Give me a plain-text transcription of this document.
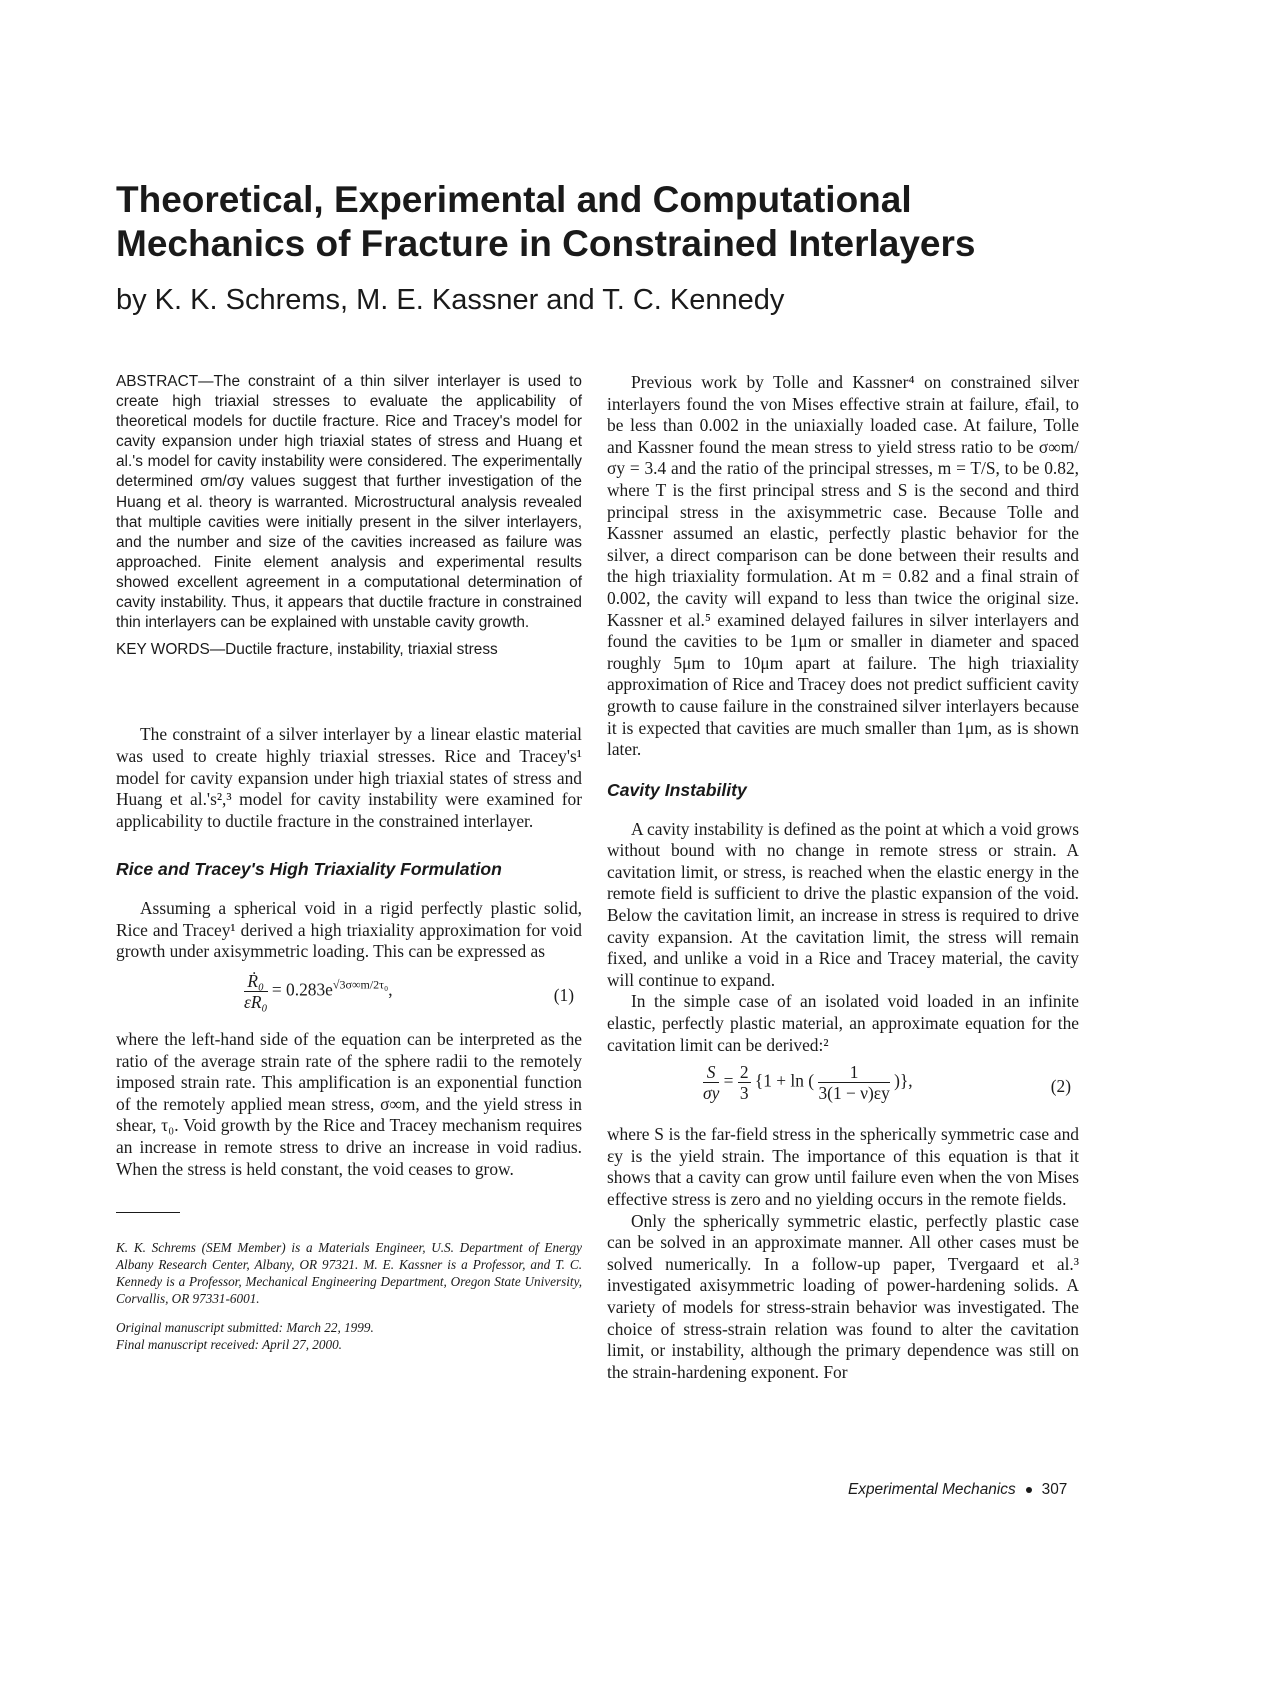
Theoretical, Experimental and Computational
Mechanics of Fracture in Constrained Interlayers

by K. K. Schrems, M. E. Kassner and T. C. Kennedy

ABSTRACT—The constraint of a thin silver interlayer is used to create high triaxial stresses to evaluate the applicability of theoretical models for ductile fracture. Rice and Tracey's model for cavity expansion under high triaxial states of stress and Huang et al.'s model for cavity instability were considered. The experimentally determined σm/σy values suggest that further investigation of the Huang et al. theory is warranted. Microstructural analysis revealed that multiple cavities were initially present in the silver interlayers, and the number and size of the cavities increased as failure was approached. Finite element analysis and experimental results showed excellent agreement in a computational determination of cavity instability. Thus, it appears that ductile fracture in constrained thin interlayers can be explained with unstable cavity growth.

KEY WORDS—Ductile fracture, instability, triaxial stress

The constraint of a silver interlayer by a linear elastic material was used to create highly triaxial stresses. Rice and Tracey's¹ model for cavity expansion under high triaxial states of stress and Huang et al.'s²,³ model for cavity instability were examined for applicability to ductile fracture in the constrained interlayer.

Rice and Tracey's High Triaxiality Formulation

Assuming a spherical void in a rigid perfectly plastic solid, Rice and Tracey¹ derived a high triaxiality approximation for void growth under axisymmetric loading. This can be expressed as

$\frac{\text{Ṙ₀}}{\text{ε̇R₀}} = 0.283e^{√3\sigma\infty m/2\tau_0}$,	(1)

where the left-hand side of the equation can be interpreted as the ratio of the average strain rate of the sphere radii to the remotely imposed strain rate. This amplification is an exponential function of the remotely applied mean stress, σ∞m, and the yield stress in shear, τ₀. Void growth by the Rice and Tracey mechanism requires an increase in remote stress to drive an increase in void radius. When the stress is held constant, the void ceases to grow.

K. K. Schrems (SEM Member) is a Materials Engineer, U.S. Department of Energy Albany Research Center, Albany, OR 97321. M. E. Kassner is a Professor, and T. C. Kennedy is a Professor, Mechanical Engineering Department, Oregon State University, Corvallis, OR 97331-6001.

Original manuscript submitted: March 22, 1999.

Final manuscript received: April 27, 2000.

Previous work by Tolle and Kassner⁴ on constrained silver interlayers found the von Mises effective strain at failure, ε̄fail, to be less than 0.002 in the uniaxially loaded case. At failure, Tolle and Kassner found the mean stress to yield stress ratio to be σ∞m/σy = 3.4 and the ratio of the principal stresses, m = T/S, to be 0.82, where T is the first principal stress and S is the second and third principal stress in the axisymmetric case. Because Tolle and Kassner assumed an elastic, perfectly plastic behavior for the silver, a direct comparison can be done between their results and the high triaxiality formulation. At m = 0.82 and a final strain of 0.002, the cavity will expand to less than twice the original size. Kassner et al.⁵ examined delayed failures in silver interlayers and found the cavities to be 1μm or smaller in diameter and spaced roughly 5μm to 10μm apart at failure. The high triaxiality approximation of Rice and Tracey does not predict sufficient cavity growth to cause failure in the constrained silver interlayers because it is expected that cavities are much smaller than 1μm, as is shown later.

Cavity Instability

A cavity instability is defined as the point at which a void grows without bound with no change in remote stress or strain. A cavitation limit, or stress, is reached when the elastic energy in the remote field is sufficient to drive the plastic expansion of the void. Below the cavitation limit, an increase in stress is required to drive cavity expansion. At the cavitation limit, the stress will remain fixed, and unlike a void in a Rice and Tracey material, the cavity will continue to expand.

In the simple case of an isolated void loaded in an infinite elastic, perfectly plastic material, an approximate equation for the cavitation limit can be derived:²

$\frac{S}{\sigma y} = \frac{2}{3} \{1 + \ln$ ( $\frac{1}{3(1 - \nu)\varepsilon y}$ )},	(2)

where S is the far-field stress in the spherically symmetric case and εy is the yield strain. The importance of this equation is that it shows that a cavity can grow until failure even when the von Mises effective stress is zero and no yielding occurs in the remote fields.

Only the spherically symmetric elastic, perfectly plastic case can be solved in an approximate manner. All other cases must be solved numerically. In a follow-up paper, Tvergaard et al.³ investigated axisymmetric loading of power-hardening solids. A variety of models for stress-strain behavior was investigated. The choice of stress-strain relation was found to alter the cavitation limit, or instability, although the primary dependence was still on the strain-hardening exponent. For

Experimental Mechanics 307
